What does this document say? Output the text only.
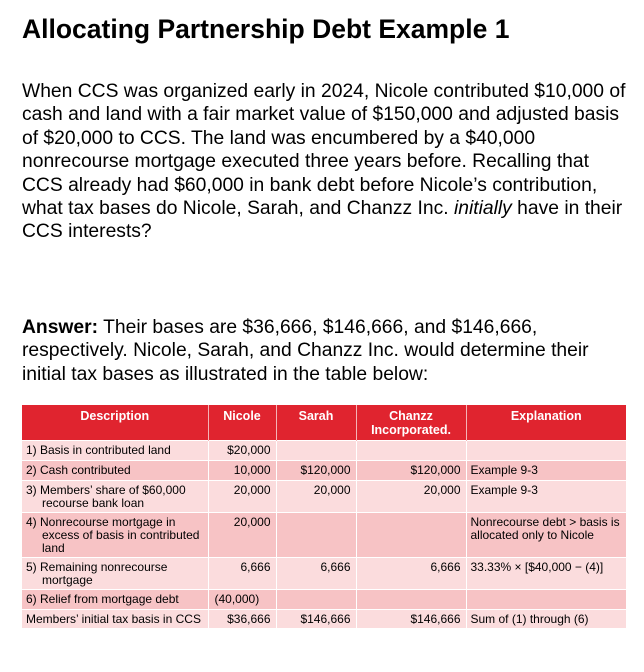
Allocating Partnership Debt Example 1

When CCS was organized early in 2024, Nicole contributed $10,000 of cash and land with a fair market value of $150,000 and adjusted basis of $20,000 to CCS. The land was encumbered by a $40,000 nonrecourse mortgage executed three years before. Recalling that CCS already had $60,000 in bank debt before Nicole’s contribution, what tax bases do Nicole, Sarah, and Chanzz Inc. initially have in their CCS interests?

Answer: Their bases are $36,666, $146,666, and $146,666, respectively. Nicole, Sarah, and Chanzz Inc. would determine their initial tax bases as illustrated in the table below:

Description	Nicole	Sarah	Chanzz Incorporated.	Explanation
1) Basis in contributed land	$20,000			
2) Cash contributed	10,000	$120,000	$120,000	Example 9-3
3) Members’ share of $60,000
recourse bank loan	20,000	20,000	20,000	Example 9-3
4) Nonrecourse mortgage in
excess of basis in contributed land	20,000			Nonrecourse debt > basis is allocated only to Nicole
5) Remaining nonrecourse
mortgage	6,666	6,666	6,666	33.33% × [$40,000 − (4)]
6) Relief from mortgage debt	(40,000)			
Members’ initial tax basis in CCS	$36,666	$146,666	$146,666	Sum of (1) through (6)
